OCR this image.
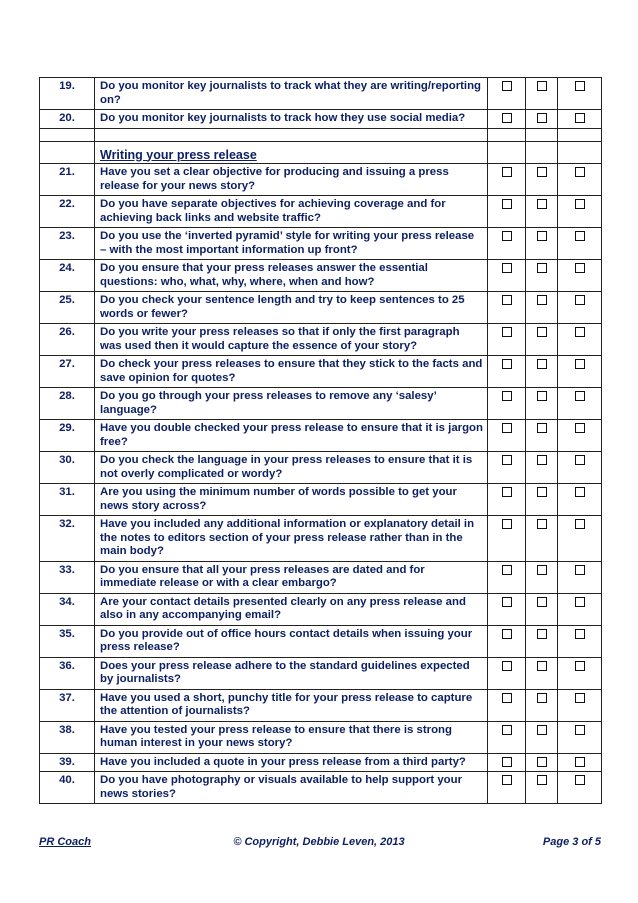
19.	Do you monitor key journalists to track what they are writing/reporting on?			
20.	Do you monitor key journalists to track how they use social media?			

	Writing your press release			
21.	Have you set a clear objective for producing and issuing a press release for your news story?			
22.	Do you have separate objectives for achieving coverage and for achieving back links and website traffic?			
23.	Do you use the ‘inverted pyramid’ style for writing your press release – with the most important information up front?			
24.	Do you ensure that your press releases answer the essential questions: who, what, why, where, when and how?			
25.	Do you check your sentence length and try to keep sentences to 25 words or fewer?			
26.	Do you write your press releases so that if only the first paragraph was used then it would capture the essence of your story?			
27.	Do check your press releases to ensure that they stick to the facts and save opinion for quotes?			
28.	Do you go through your press releases to remove any ‘salesy’ language?			
29.	Have you double checked your press release to ensure that it is jargon free?			
30.	Do you check the language in your press releases to ensure that it is not overly complicated or wordy?			
31.	Are you using the minimum number of words possible to get your news story across?			
32.	Have you included any additional information or explanatory detail in the notes to editors section of your press release rather than in the main body?			
33.	Do you ensure that all your press releases are dated and for immediate release or with a clear embargo?			
34.	Are your contact details presented clearly on any press release and also in any accompanying email?			
35.	Do you provide out of office hours contact details when issuing your press release?			
36.	Does your press release adhere to the standard guidelines expected by journalists?			
37.	Have you used a short, punchy title for your press release to capture the attention of journalists?			
38.	Have you tested your press release to ensure that there is strong human interest in your news story?			
39.	Have you included a quote in your press release from a third party?			
40.	Do you have photography or visuals available to help support your news stories?			
PR Coach	© Copyright, Debbie Leven, 2013	Page 3 of 5
